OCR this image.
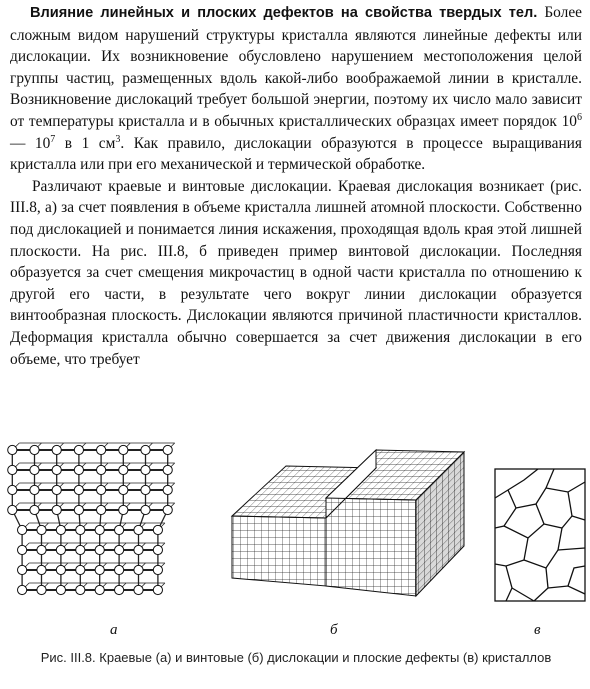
Влияние линейных и плоских дефектов на свойства твердых тел. Более сложным видом нарушений структуры кристалла являются линейные дефекты или дислокации. Их возникновение обусловлено нарушением местоположения целой группы частиц, размещенных вдоль какой-либо воображаемой линии в кристалле. Возникновение дислокаций требует большой энергии, поэтому их число мало зависит от температуры кристалла и в обычных кристаллических образцах имеет порядок $10^6$ — $10^7$ в 1 $см^3$. Как правило, дислокации образуются в процессе выращивания кристалла или при его механической и термической обработке.

Различают краевые и винтовые дислокации. Краевая дислокация возникает (рис. III.8, а) за счет появления в объеме кристалла лишней атомной плоскости. Собственно под дислокацией и понимается линия искажения, проходящая вдоль края этой лишней плоскости. На рис. III.8, б приведен пример винтовой дислокации. Последняя образуется за счет смещения микрочастиц в одной части кристалла по отношению к другой его части, в результате чего вокруг линии дислокации образуется винтообразная плоскость. Дислокации являются причиной пластичности кристаллов. Деформация кристалла обычно совершается за счет движения дислокации в его объеме, что требует

а	б	в
Рис. III.8. Краевые (а) и винтовые (б) дислокации и плоские дефекты (в) кристаллов
